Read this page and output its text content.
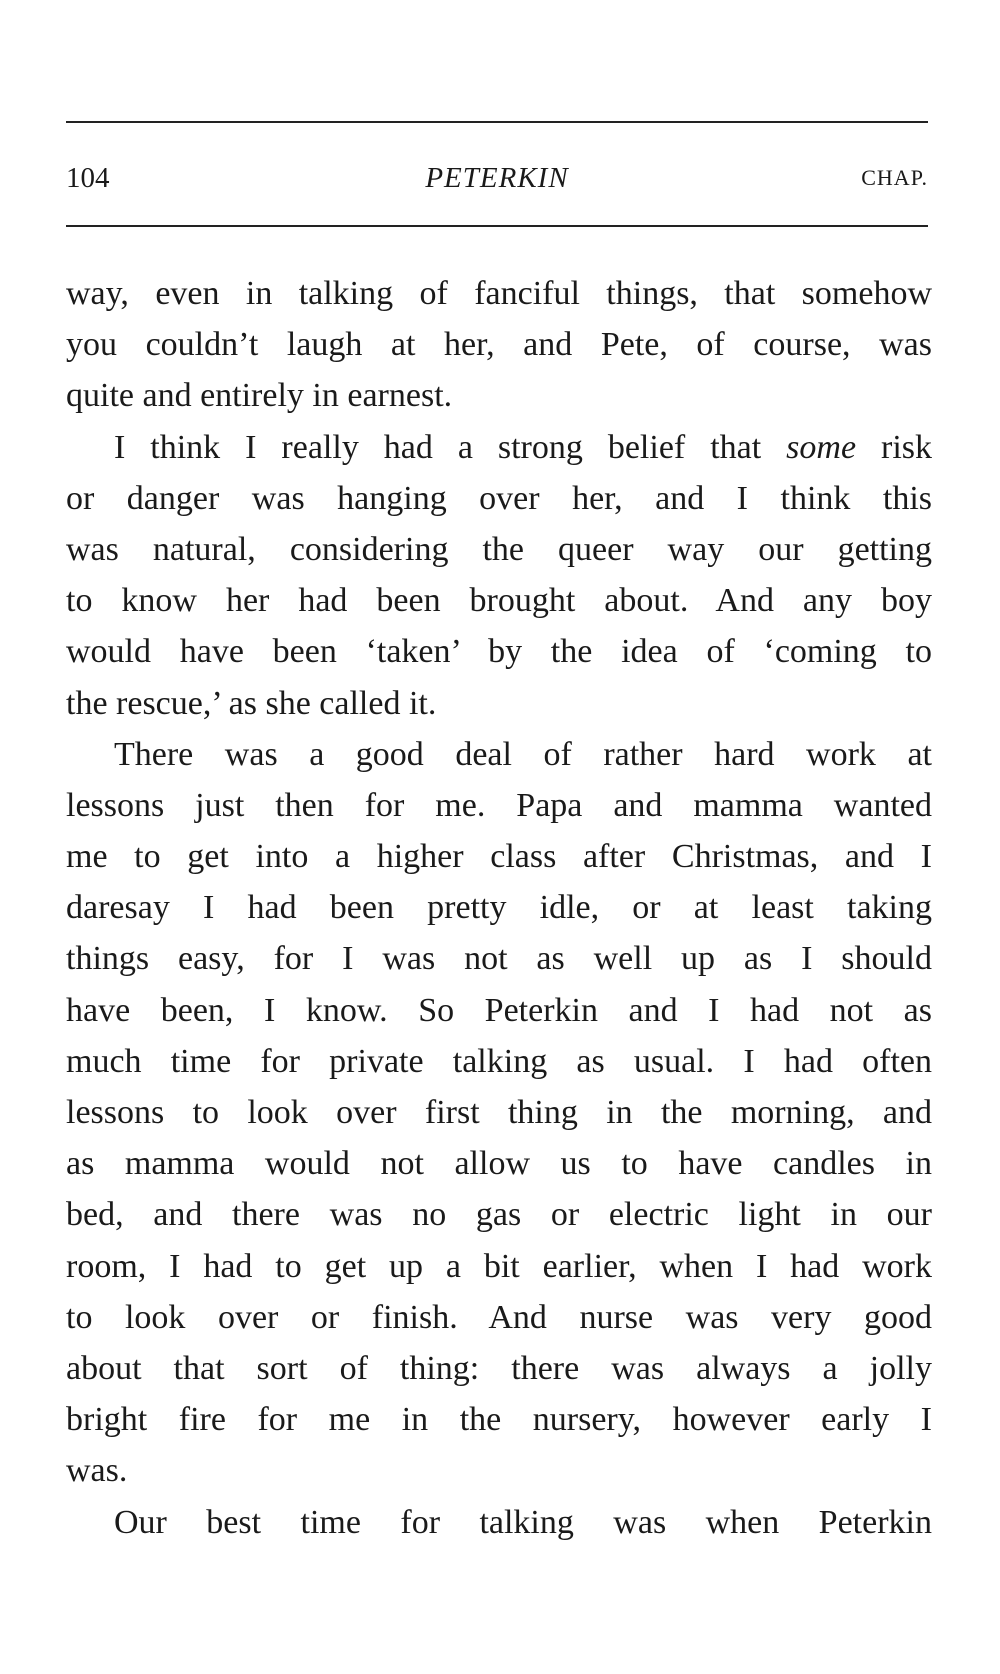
104	PETERKIN	CHAP.
way, even in talking of fanciful things, that somehow
you couldn’t laugh at her, and Pete, of course, was
quite and entirely in earnest.
I think I really had a strong belief that some risk
or danger was hanging over her, and I think this
was natural, considering the queer way our getting
to know her had been brought about. And any boy
would have been ‘taken’ by the idea of ‘coming to
the rescue,’ as she called it.
There was a good deal of rather hard work at
lessons just then for me. Papa and mamma wanted
me to get into a higher class after Christmas, and I
daresay I had been pretty idle, or at least taking
things easy, for I was not as well up as I should
have been, I know. So Peterkin and I had not as
much time for private talking as usual. I had often
lessons to look over first thing in the morning, and
as mamma would not allow us to have candles in
bed, and there was no gas or electric light in our
room, I had to get up a bit earlier, when I had work
to look over or finish. And nurse was very good
about that sort of thing: there was always a jolly
bright fire for me in the nursery, however early I
was.
Our best time for talking was when Peterkin
